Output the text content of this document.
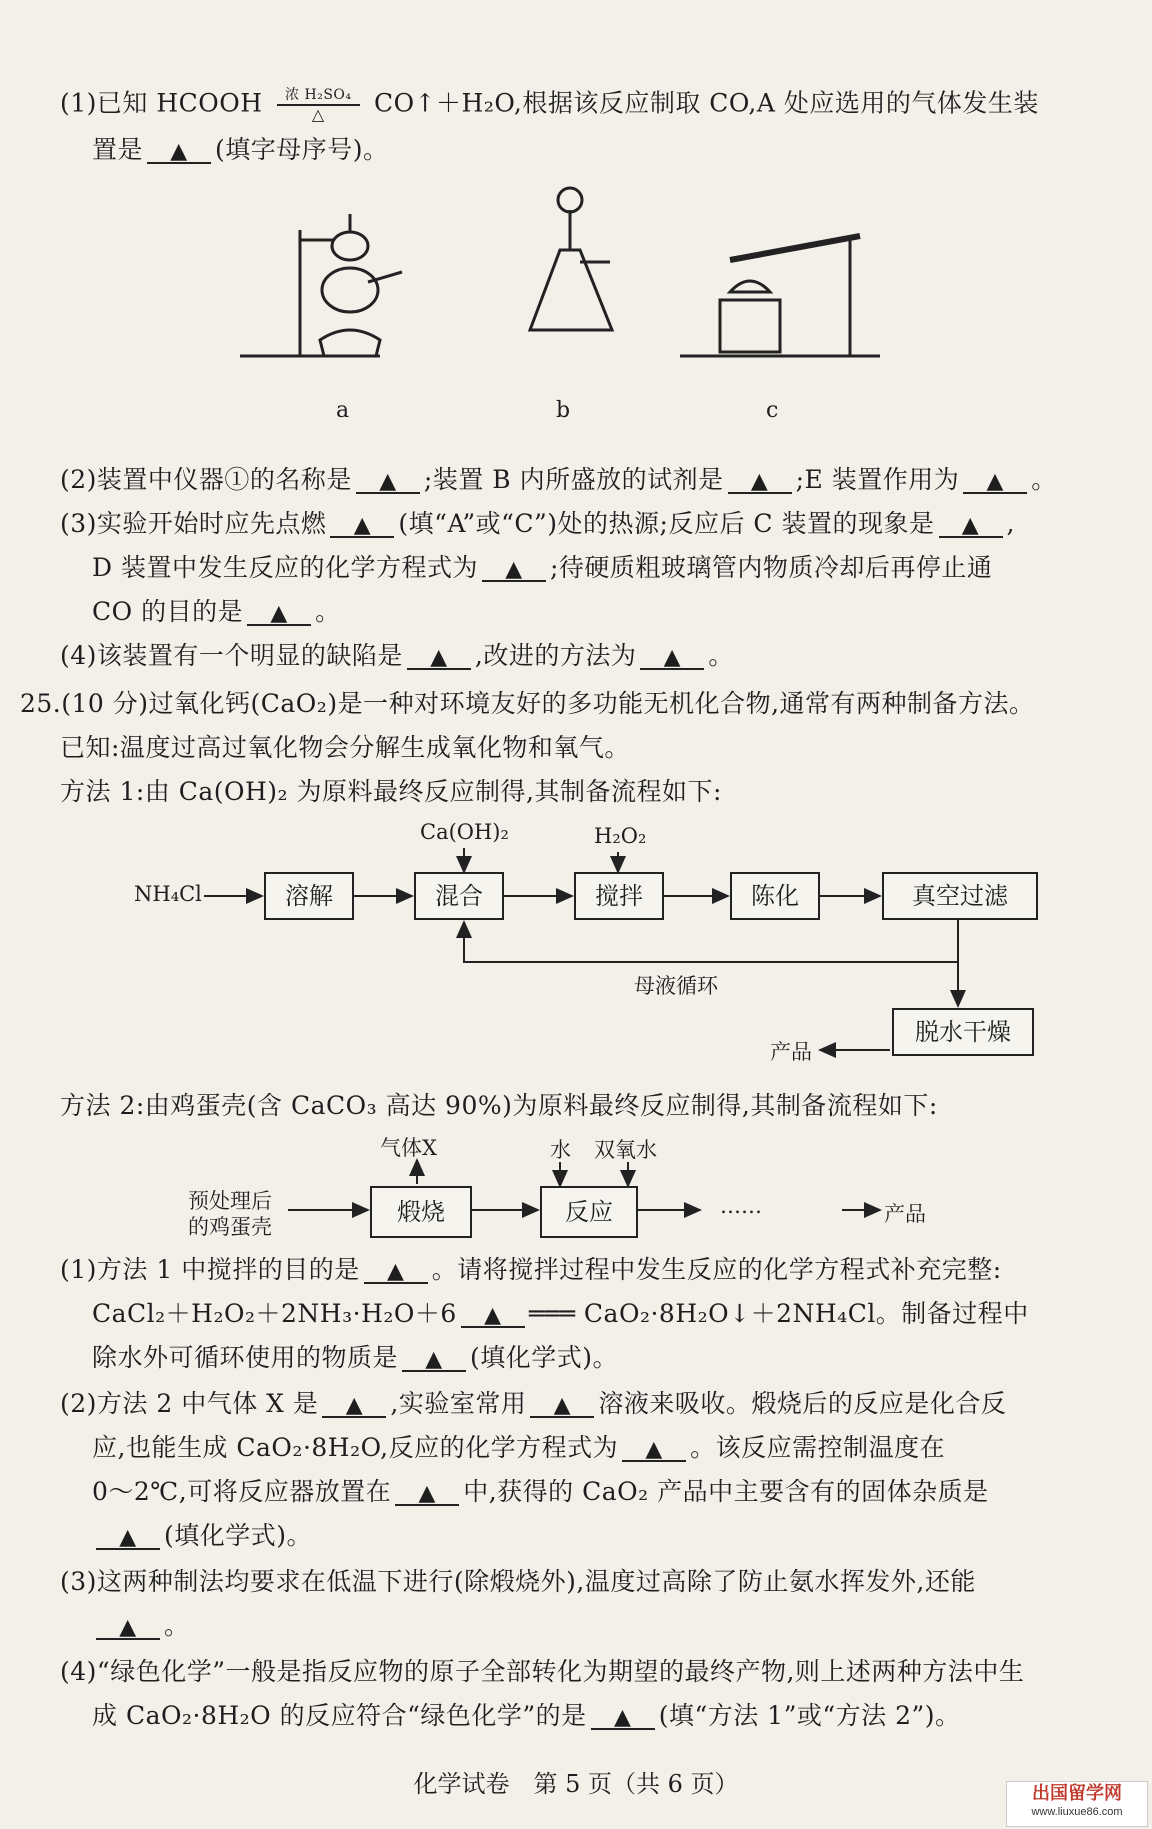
(1)已知 HCOOH	浓 H₂SO₄
△	CO↑＋H₂O,根据该反应制取 CO,A 处应选用的气体发生装
置是 ▲ (填字母序号)。
a	b	c
(2)装置中仪器①的名称是 ▲ ;装置 B 内所盛放的试剂是 ▲ ;E 装置作用为 ▲ 。
(3)实验开始时应先点燃 ▲ (填“A”或“C”)处的热源;反应后 C 装置的现象是 ▲ ,
D 装置中发生反应的化学方程式为 ▲ ;待硬质粗玻璃管内物质冷却后再停止通
CO 的目的是 ▲ 。
(4)该装置有一个明显的缺陷是 ▲ ,改进的方法为 ▲ 。
25.(10 分)过氧化钙(CaO₂)是一种对环境友好的多功能无机化合物,通常有两种制备方法。
已知:温度过高过氧化物会分解生成氧化物和氧气。
方法 1:由 Ca(OH)₂ 为原料最终反应制得,其制备流程如下:
NH₄Cl	溶解	混合	搅拌	陈化	真空过滤
脱水干燥
Ca(OH)₂	H₂O₂
母液循环
产品
方法 2:由鸡蛋壳(含 CaCO₃ 高达 90%)为原料最终反应制得,其制备流程如下:
预处理后
的鸡蛋壳
煅烧	反应
气体X	水 双氧水
……	产品
(1)方法 1 中搅拌的目的是 ▲ 。请将搅拌过程中发生反应的化学方程式补充完整:
CaCl₂＋H₂O₂＋2NH₃·H₂O＋6 ▲ ═══ CaO₂·8H₂O↓＋2NH₄Cl。制备过程中
除水外可循环使用的物质是 ▲ (填化学式)。
(2)方法 2 中气体 X 是 ▲ ,实验室常用 ▲ 溶液来吸收。煅烧后的反应是化合反
应,也能生成 CaO₂·8H₂O,反应的化学方程式为 ▲ 。该反应需控制温度在
0～2℃,可将反应器放置在 ▲ 中,获得的 CaO₂ 产品中主要含有的固体杂质是
▲ (填化学式)。
(3)这两种制法均要求在低温下进行(除煅烧外),温度过高除了防止氨水挥发外,还能
▲ 。
(4)“绿色化学”一般是指反应物的原子全部转化为期望的最终产物,则上述两种方法中生
成 CaO₂·8H₂O 的反应符合“绿色化学”的是 ▲ (填“方法 1”或“方法 2”)。
化学试卷　第 5 页（共 6 页）	出国留学网
www.liuxue86.com
